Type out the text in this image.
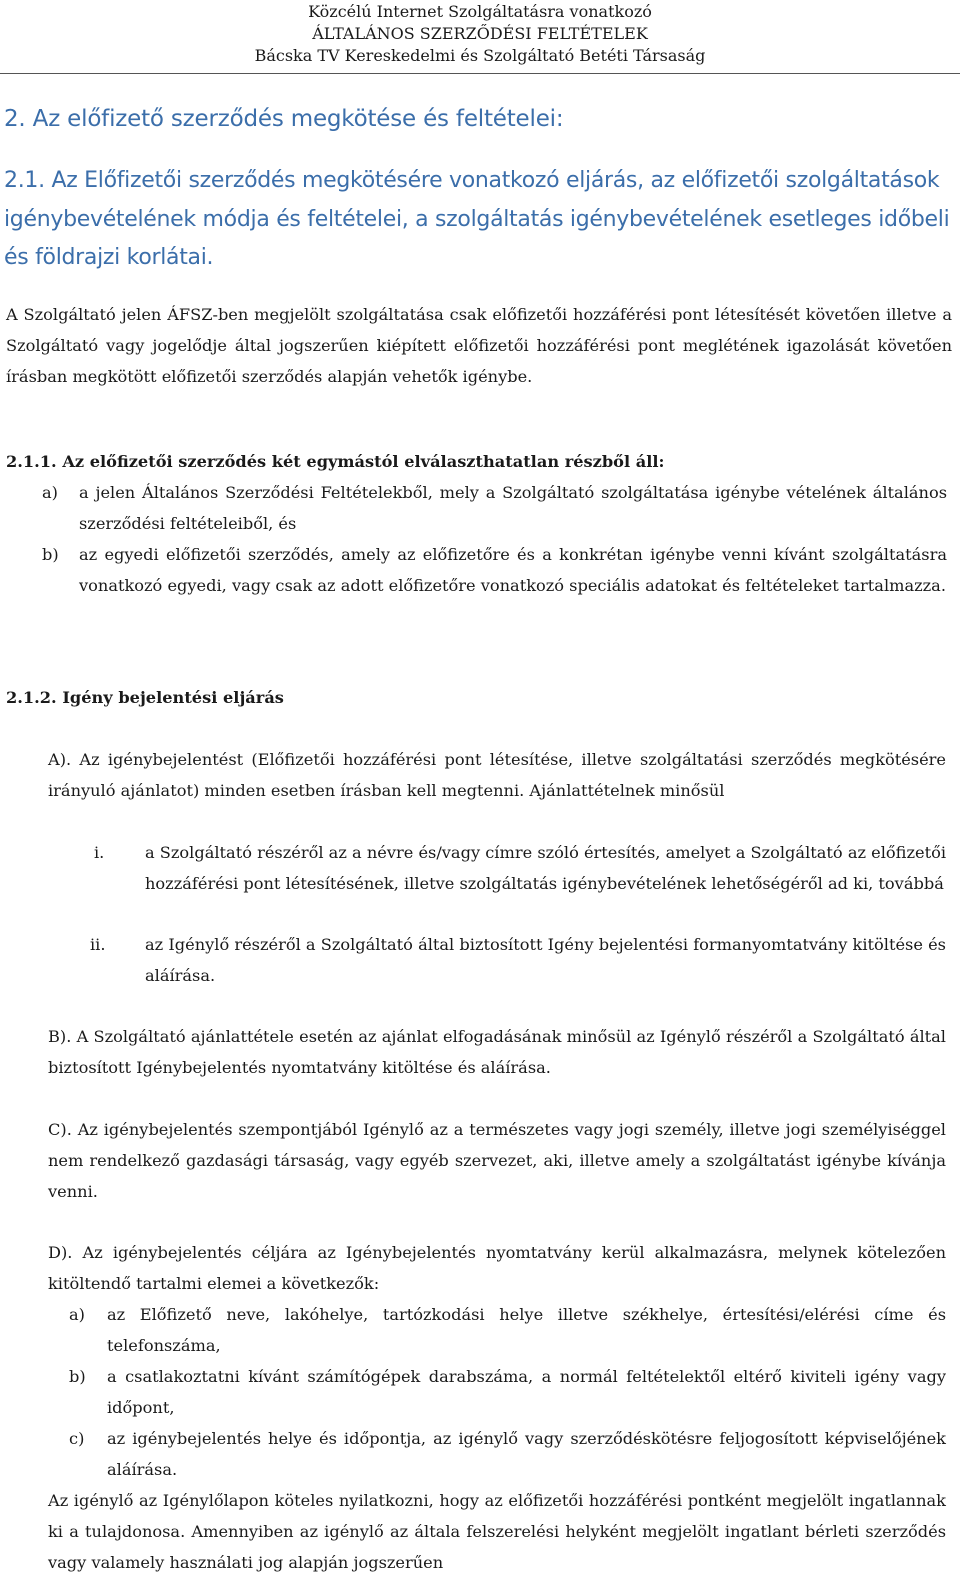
Közcélú Internet Szolgáltatásra vonatkozó
ÁLTALÁNOS SZERZŐDÉSI FELTÉTELEK
Bácska TV Kereskedelmi és Szolgáltató Betéti Társaság
2. Az előfizető szerződés megkötése és feltételei:
2.1. Az Előfizetői szerződés megkötésére vonatkozó eljárás, az előfizetői szolgáltatások igénybevételének módja és feltételei, a szolgáltatás igénybevételének esetleges időbeli és földrajzi korlátai.
A Szolgáltató jelen ÁFSZ-ben megjelölt szolgáltatása csak előfizetői hozzáférési pont létesítését követően illetve a Szolgáltató vagy jogelődje által jogszerűen kiépített előfizetői hozzáférési pont meglétének igazolását követően írásban megkötött előfizetői szerződés alapján vehetők igénybe.
2.1.1. Az előfizetői szerződés két egymástól elválaszthatatlan részből áll:
a) a jelen Általános Szerződési Feltételekből, mely a Szolgáltató szolgáltatása igénybe vételének általános szerződési feltételeiből, és
b) az egyedi előfizetői szerződés, amely az előfizetőre és a konkrétan igénybe venni kívánt szolgáltatásra vonatkozó egyedi, vagy csak az adott előfizetőre vonatkozó speciális adatokat és feltételeket tartalmazza.
2.1.2. Igény bejelentési eljárás
A). Az igénybejelentést (Előfizetői hozzáférési pont létesítése, illetve szolgáltatási szerződés megkötésére irányuló ajánlatot) minden esetben írásban kell megtenni. Ajánlattételnek minősül
i.	a Szolgáltató részéről az a névre és/vagy címre szóló értesítés, amelyet a Szolgáltató az előfizetői hozzáférési pont létesítésének, illetve szolgáltatás igénybevételének lehetőségéről ad ki, továbbá
ii. az Igénylő részéről a Szolgáltató által biztosított Igény bejelentési formanyomtatvány kitöltése és aláírása.
B). A Szolgáltató ajánlattétele esetén az ajánlat elfogadásának minősül az Igénylő részéről a Szolgáltató által biztosított Igénybejelentés nyomtatvány kitöltése és aláírása.
C). Az igénybejelentés szempontjából Igénylő az a természetes vagy jogi személy, illetve jogi személyiséggel nem rendelkező gazdasági társaság, vagy egyéb szervezet, aki, illetve amely a szolgáltatást igénybe kívánja venni.
D). Az igénybejelentés céljára az Igénybejelentés nyomtatvány kerül alkalmazásra, melynek kötelezően kitöltendő tartalmi elemei a következők:
a) az Előfizető neve, lakóhelye, tartózkodási helye illetve székhelye, értesítési/elérési címe és telefonszáma,
b) a csatlakoztatni kívánt számítógépek darabszáma, a normál feltételektől eltérő kiviteli igény vagy időpont,
c) az igénybejelentés helye és időpontja, az igénylő vagy szerződéskötésre feljogosított képviselőjének aláírása.
Az igénylő az Igénylőlapon köteles nyilatkozni, hogy az előfizetői hozzáférési pontként megjelölt ingatlannak ki a tulajdonosa. Amennyiben az igénylő az általa felszerelési helyként megjelölt ingatlant bérleti szerződés vagy valamely használati jog alapján jogszerűen
